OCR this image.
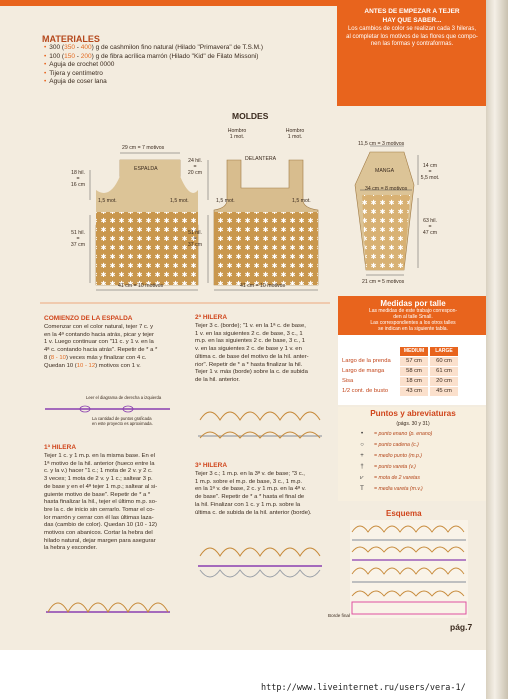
MATERIALES
• 300 (350 - 400) g de cashmilon fino natural (Hilado "Primavera" de T.S.M.)
• 100 (150 - 200) g de fibra acrílica marrón (Hilado "Kid" de Filato Missoni)
• Aguja de crochet 0000
• Tijera y centímetro
• Aguja de coser lana
ANTES DE EMPEZAR A TEJER
HAY QUE SABER...
Los cambios de color se realizan cada 3 hileras, al completar los motivos de las flores que compo-nen las formas y contraformas.
MOLDES
29 cm = 7 motivos
ESPALDA
18 hil.
=
16 cm
51 hil.
=
37 cm
1,5 mot.	1,5 mot.
41 cm = 10 motivos
Hombro 1 mot.
Hombro 1 mot.
DELANTERA
24 hil.
=
20 cm
51 hil.
=
37 cm
1,5 mot.	1,5 mot.
41 cm = 10 motivos
11,5 cm = 3 motivos
MANGA
14 cm
=
5,5 mot.
34 cm = 8 motivos
63 hil.
=
47 cm
21 cm = 5 motivos
COMIENZO DE LA ESPALDA
Comenzar con el color natural, tejer 7 c. y
en la 4ª contando hacia atrás, picar y tejer
1 v. Luego continuar con "11 c. y 1 v. en la
4ª c. contando hacia atrás". Repetir de * a *
8 (8 - 10) veces más y finalizar con 4 c.
Quedan 10 (10 - 12) motivos con 1 v.
Leer el diagrama de derecha a izquierda
La cantidad de puntos graficada
en este proyecto es aproximada.
1ª HILERA
Tejer 1 c. y 1 m.p. en la misma base. En el
1ª motivo de la hil. anterior (hueco entre la
c. y la v.) hacer "1 c.; 1 mota de 2 v. y 2 c.
3 veces; 1 mota de 2 v. y 1 c.; saltear 3 p.
de base y en el 4ª tejer 1 m.p.; saltear al si-
guiente motivo de base". Repetir de * a *
hasta finalizar la hil., tejer el último m.p. so-
bre la c. de inicio sin cerrarlo. Tomar el co-
lor marrón y cerrar con él las últimas laza-
das (cambio de color). Quedan 10 (10 - 12)
motivos con abanicos. Cortar la hebra del
hilado natural, dejar margen para asegurar
la hebra y esconder.
2ª HILERA
Tejer 3 c. (borde); "1 v. en la 1ª c. de base,
1 v. en las siguientes 2 c. de base, 3 c., 1
m.p. en las siguientes 2 c. de base, 3 c., 1
v. en las siguientes 2 c. de base y 1 v. en
última c. de base del motivo de la hil. anter-
rior". Repetir de * a * hasta finalizar la hil.
Tejer 1 v. más (borde) sobre la c. de subida
de la hil. anterior.
3ª HILERA
Tejer 3 c.; 1 m.p. en la 3ª v. de base; "3 c.,
1 m.p. sobre el m.p. de base, 3 c., 1 m.p.
en la 1ª v. de base, 2 c. y 1 m.p. en la 4ª v.
de base". Repetir de * a * hasta el final de
la hil. Finalizar con 1 c. y 1 m.p. sobre la
última c. de subida de la hil. anterior (borde).
Medidas por talle
Las medidas de este trabajo correspon-
den al talle Small.
Las correspondientes a los otros talles
se indican en la siguiente tabla.
MEDIUM	LARGE
Largo de la prenda	57 cm	60 cm
Largo de manga	58 cm	61 cm
Sisa	18 cm	20 cm
1/2 cont. de busto	43 cm	45 cm
Puntos y abreviaturas
(págs. 30 y 31)
•	= punto enano (p. enano)
○	= punto cadena (c.)
+	= medio punto (m.p.)
†	= punto vareta (v.)
⩗	= mota de 2 varetas
T	= media vareta (m.v.)
Esquema
Borde final
pág.7
http://www.liveinternet.ru/users/vera-1/
